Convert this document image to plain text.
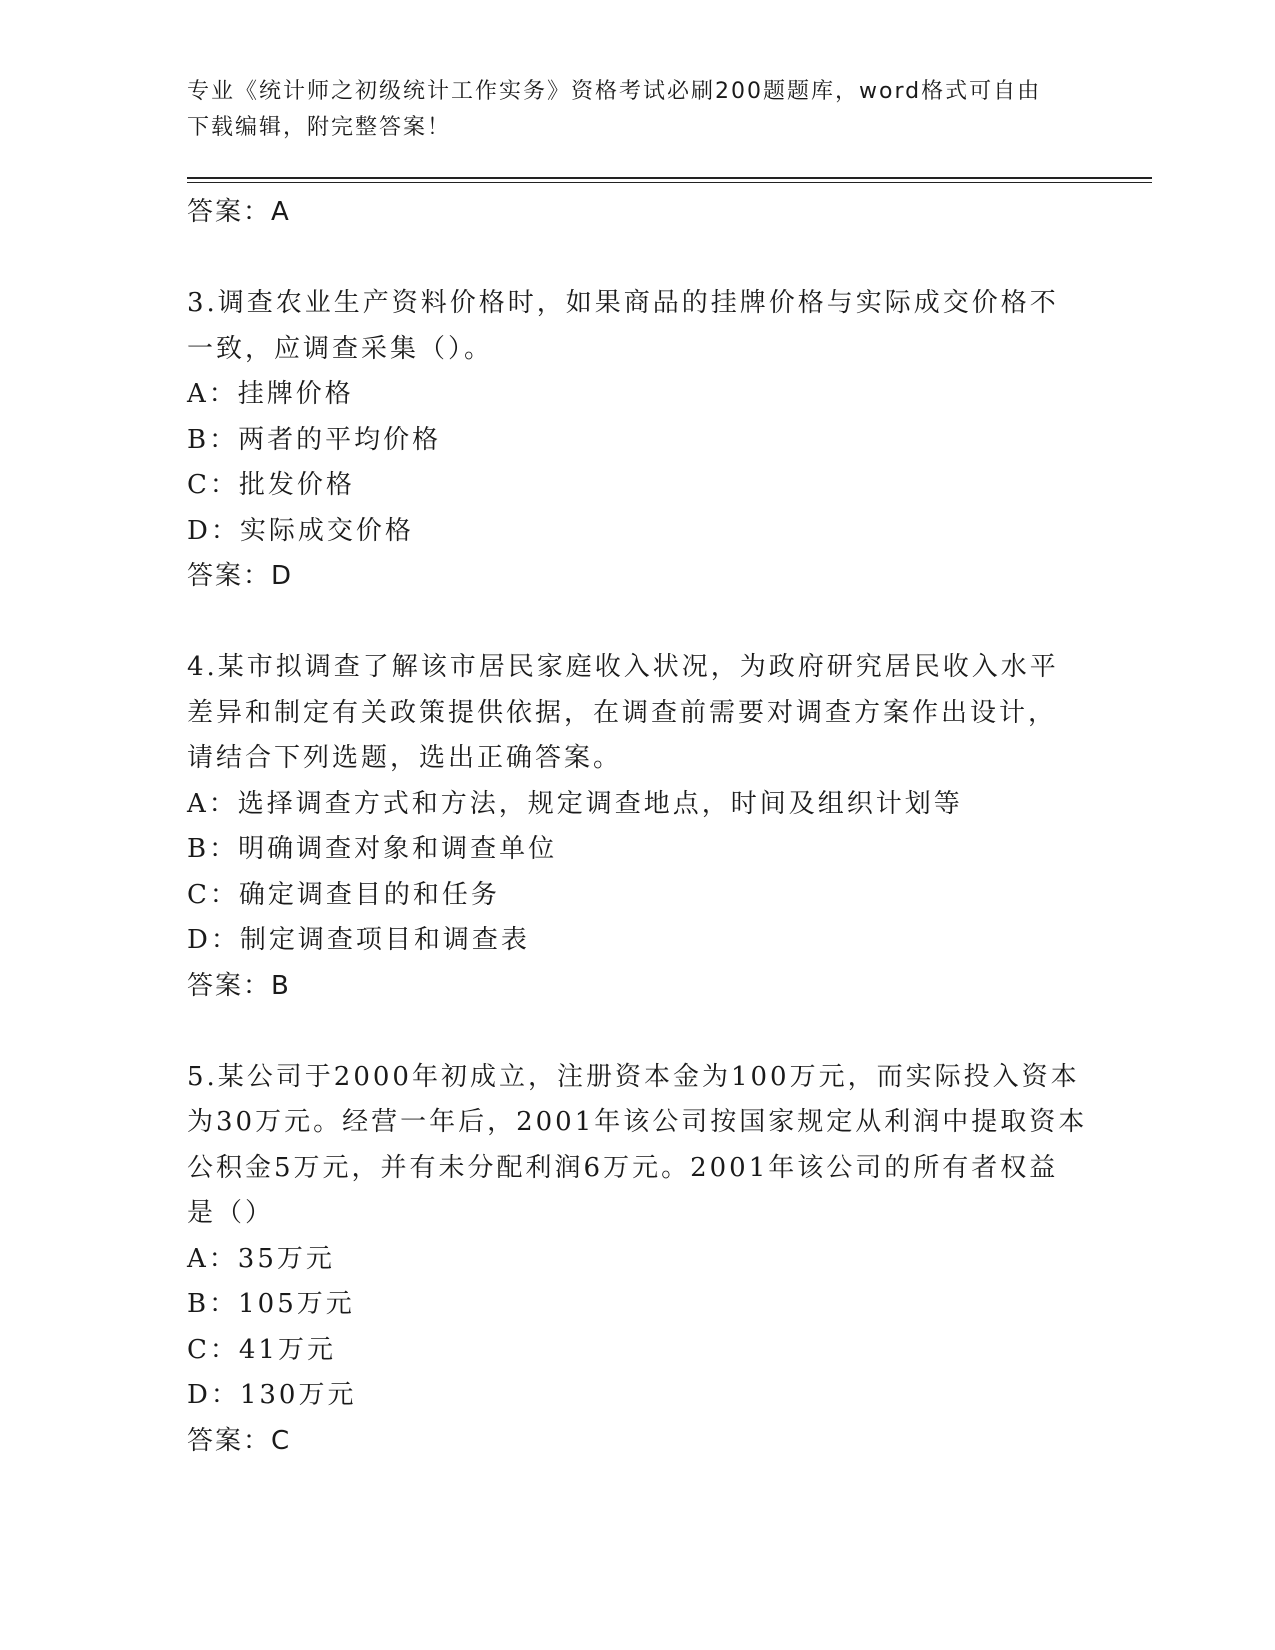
专业《统计师之初级统计工作实务》资格考试必刷200题题库，word格式可自由
下载编辑，附完整答案！

答案：A

3.调查农业生产资料价格时，如果商品的挂牌价格与实际成交价格不

一致，应调查采集（）。

A：挂牌价格

B：两者的平均价格

C：批发价格

D：实际成交价格

答案：D

4.某市拟调查了解该市居民家庭收入状况，为政府研究居民收入水平

差异和制定有关政策提供依据，在调查前需要对调查方案作出设计，

请结合下列选题，选出正确答案。

A：选择调查方式和方法，规定调查地点，时间及组织计划等

B：明确调查对象和调查单位

C：确定调查目的和任务

D：制定调查项目和调查表

答案：B

5.某公司于2000年初成立，注册资本金为100万元，而实际投入资本

为30万元。经营一年后，2001年该公司按国家规定从利润中提取资本

公积金5万元，并有未分配利润6万元。2001年该公司的所有者权益

是（）

A：35万元

B：105万元

C：41万元

D：130万元

答案：C
